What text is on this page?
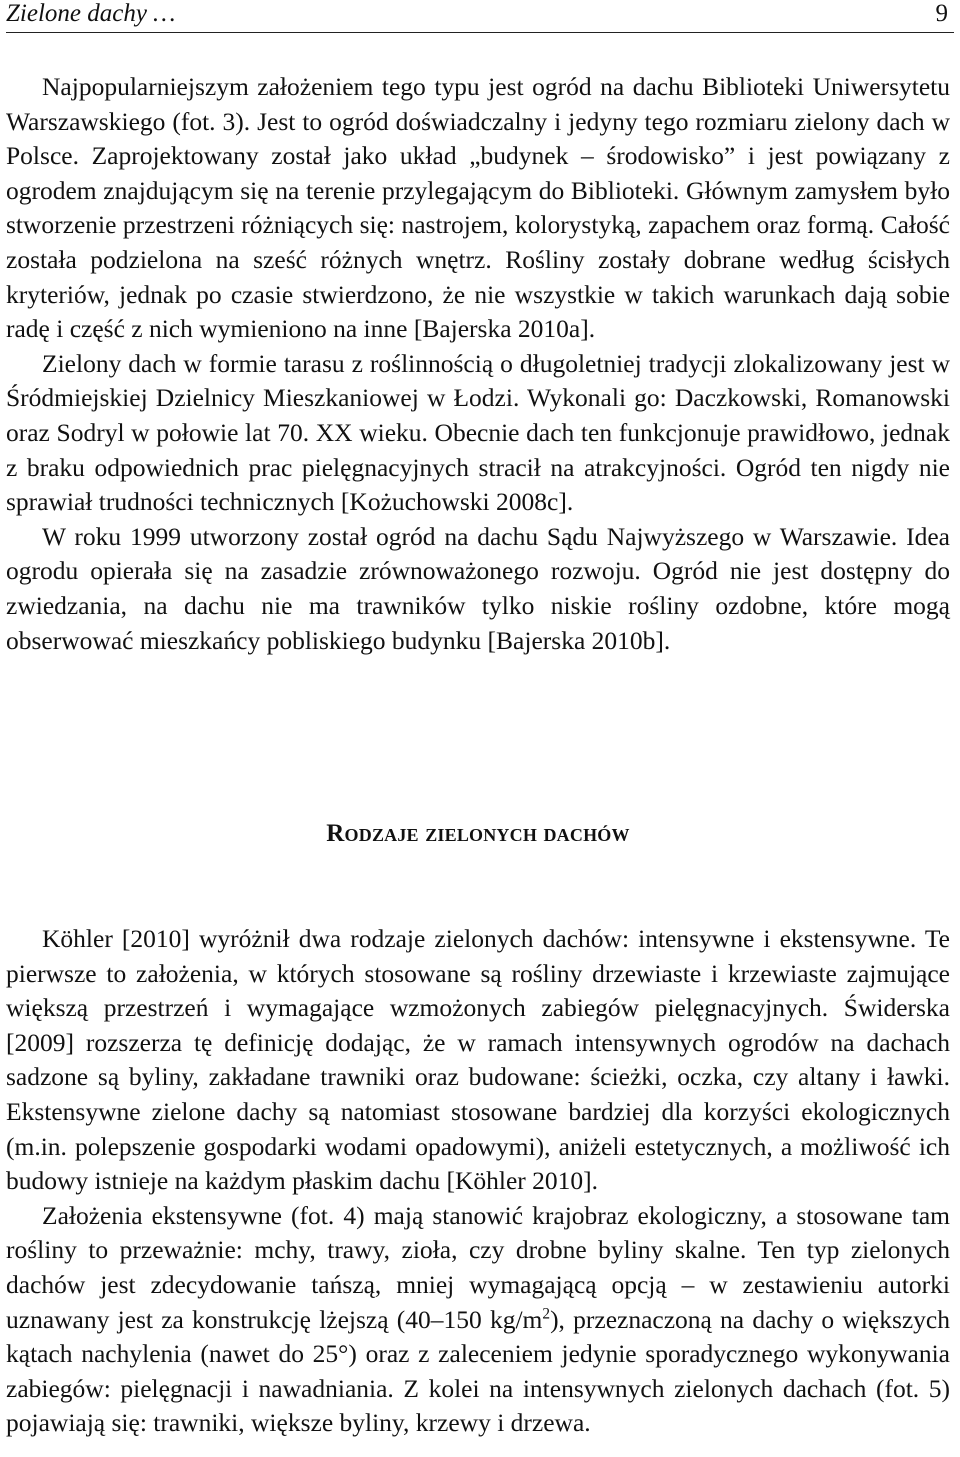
Zielone dachy …	9

Najpopularniejszym założeniem tego typu jest ogród na dachu Biblioteki Uniwersytetu Warszawskiego (fot. 3). Jest to ogród doświadczalny i jedyny tego rozmiaru zielony dach w Polsce. Zaprojektowany został jako układ „budynek – środowisko” i jest powiązany z ogrodem znajdującym się na terenie przylegającym do Biblioteki. Głównym zamysłem było stworzenie przestrzeni różniących się: nastrojem, kolorystyką, zapachem oraz formą. Całość została podzielona na sześć różnych wnętrz. Rośliny zostały dobrane według ścisłych kryteriów, jednak po czasie stwierdzono, że nie wszystkie w takich warunkach dają sobie radę i część z nich wymieniono na inne [Bajerska 2010a].

Zielony dach w formie tarasu z roślinnością o długoletniej tradycji zlokalizowany jest w Śródmiejskiej Dzielnicy Mieszkaniowej w Łodzi. Wykonali go: Daczkowski, Romanowski oraz Sodryl w połowie lat 70. XX wieku. Obecnie dach ten funkcjonuje prawidłowo, jednak z braku odpowiednich prac pielęgnacyjnych stracił na atrakcyjności. Ogród ten nigdy nie sprawiał trudności technicznych [Kożuchowski 2008c].

W roku 1999 utworzony został ogród na dachu Sądu Najwyższego w Warszawie. Idea ogrodu opierała się na zasadzie zrównoważonego rozwoju. Ogród nie jest dostępny do zwiedzania, na dachu nie ma trawników tylko niskie rośliny ozdobne, które mogą obserwować mieszkańcy pobliskiego budynku [Bajerska 2010b].

Rodzaje zielonych dachów

Köhler [2010] wyróżnił dwa rodzaje zielonych dachów: intensywne i ekstensywne. Te pierwsze to założenia, w których stosowane są rośliny drzewiaste i krzewiaste zajmujące większą przestrzeń i wymagające wzmożonych zabiegów pielęgnacyjnych. Świderska [2009] rozszerza tę definicję dodając, że w ramach intensywnych ogrodów na dachach sadzone są byliny, zakładane trawniki oraz budowane: ścieżki, oczka, czy altany i ławki. Ekstensywne zielone dachy są natomiast stosowane bardziej dla korzyści ekologicznych (m.in. polepszenie gospodarki wodami opadowymi), aniżeli estetycznych, a możliwość ich budowy istnieje na każdym płaskim dachu [Köhler 2010].

Założenia ekstensywne (fot. 4) mają stanowić krajobraz ekologiczny, a stosowane tam rośliny to przeważnie: mchy, trawy, zioła, czy drobne byliny skalne. Ten typ zielonych dachów jest zdecydowanie tańszą, mniej wymagającą opcją – w zestawieniu autorki uznawany jest za konstrukcję lżejszą (40–150 $kg/m^2$), przeznaczoną na dachy o większych kątach nachylenia (nawet do 25°) oraz z zaleceniem jedynie sporadycznego wykonywania zabiegów: pielęgnacji i nawadniania. Z kolei na intensywnych zielonych dachach (fot. 5) pojawiają się: trawniki, większe byliny, krzewy i drzewa.
